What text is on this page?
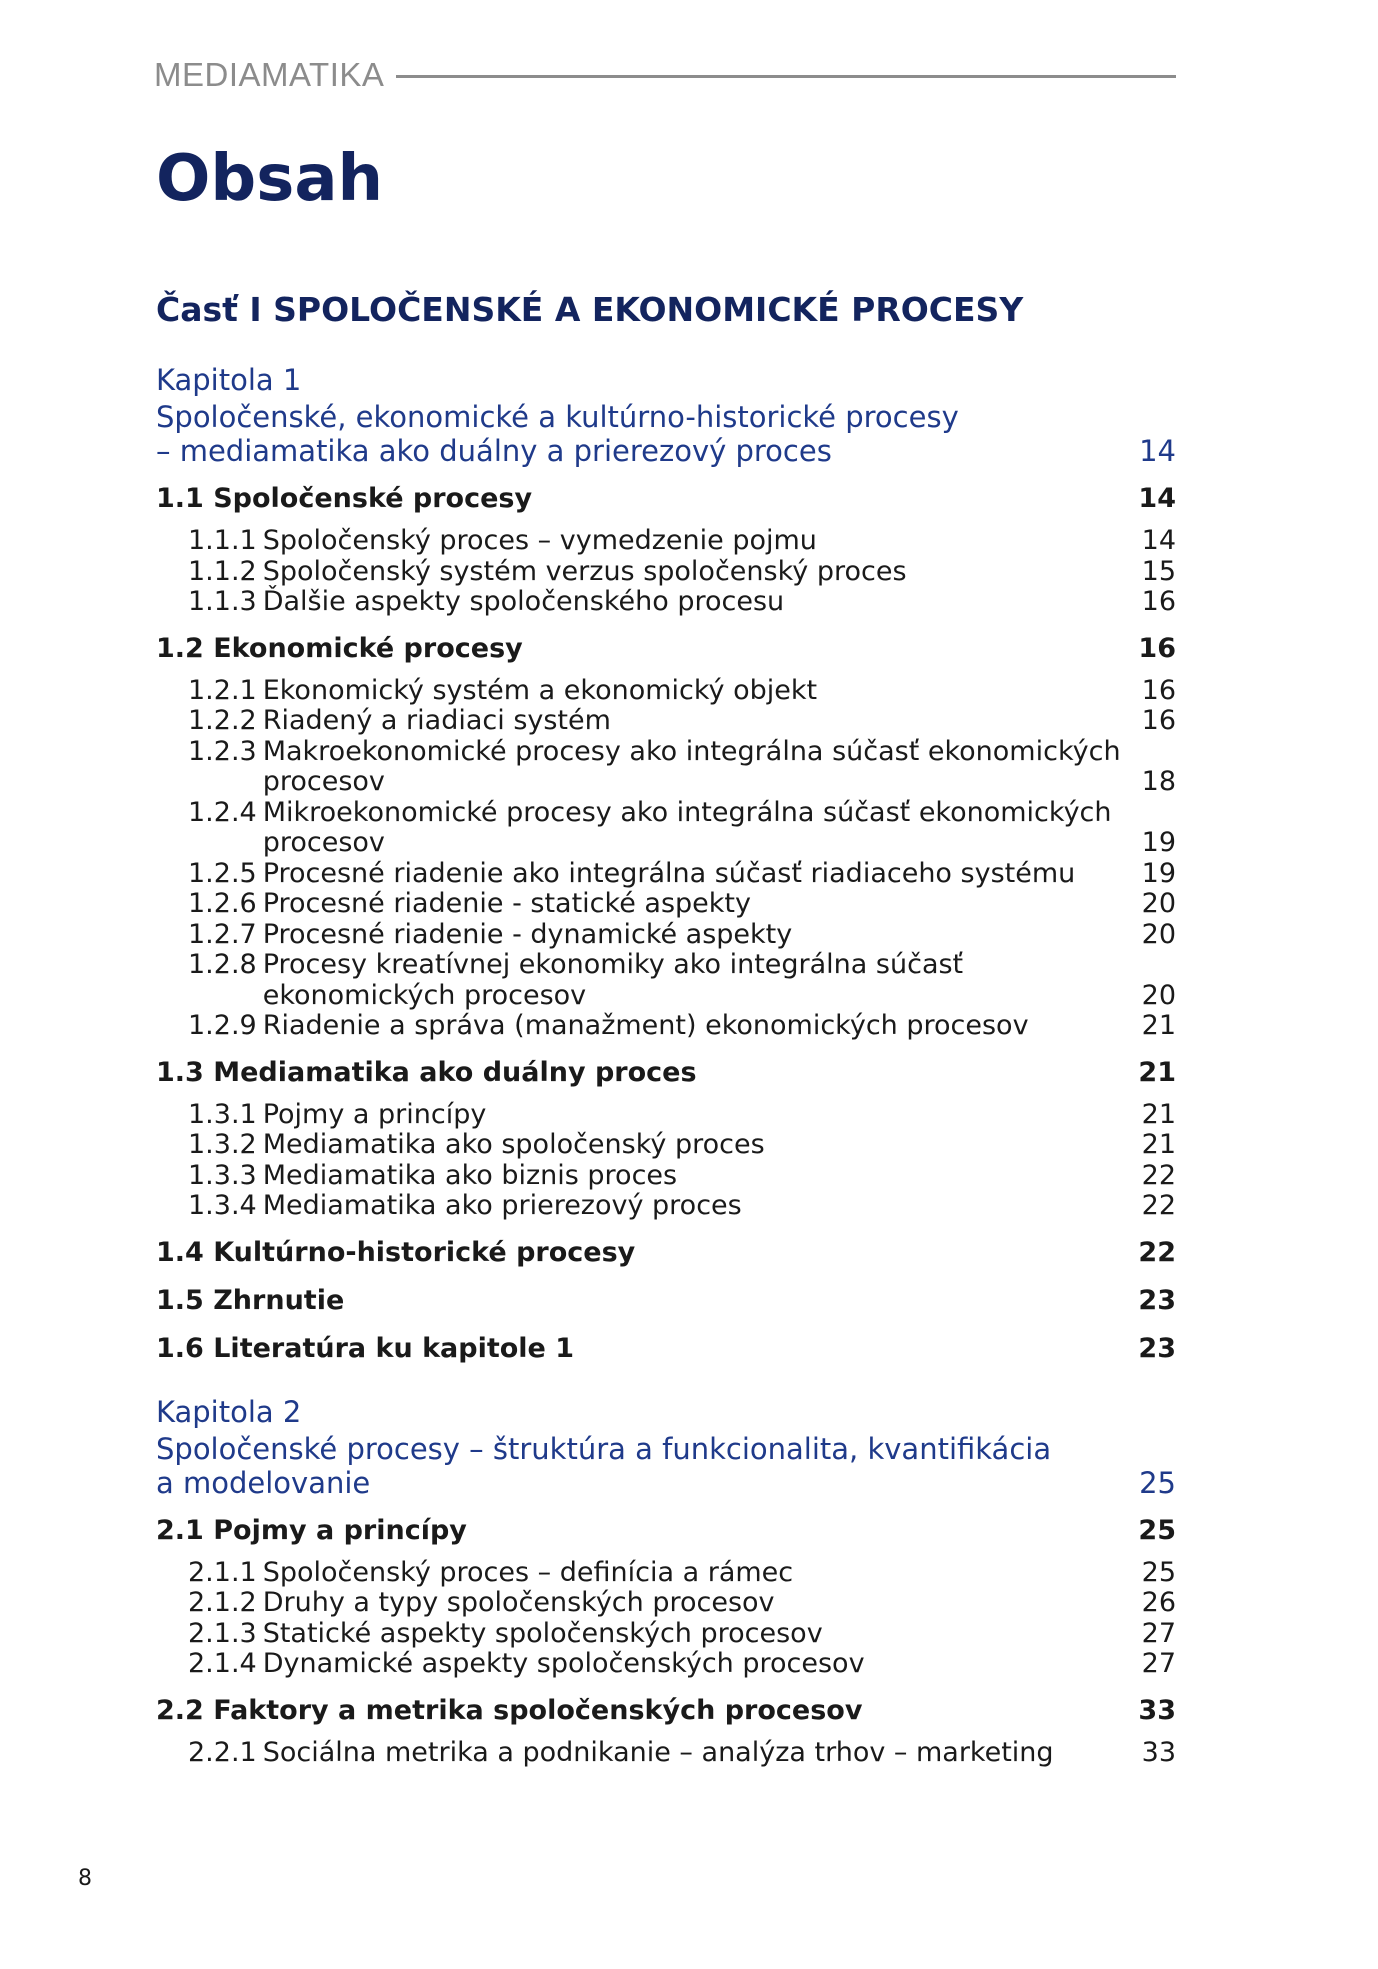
MEDIAMATIKA
Obsah
Časť I SPOLOČENSKÉ A EKONOMICKÉ PROCESY
Kapitola 1
Spoločenské, ekonomické a kultúrno-historické procesy
– mediamatika ako duálny a prierezový proces	14
1.1 Spoločenské procesy	14
1.1.1 Spoločenský proces – vymedzenie pojmu	14
1.1.2 Spoločenský systém verzus spoločenský proces	15
1.1.3 Ďalšie aspekty spoločenského procesu	16
1.2 Ekonomické procesy	16
1.2.1 Ekonomický systém a ekonomický objekt	16
1.2.2 Riadený a riadiaci systém	16
1.2.3 Makroekonomické procesy ako integrálna súčasť ekonomických procesov	18
1.2.4 Mikroekonomické procesy ako integrálna súčasť ekonomických procesov	19
1.2.5 Procesné riadenie ako integrálna súčasť riadiaceho systému 19
1.2.6 Procesné riadenie - statické aspekty	20
1.2.7 Procesné riadenie - dynamické aspekty	20
1.2.8 Procesy kreatívnej ekonomiky ako integrálna súčasť ekonomických procesov	20
1.2.9 Riadenie a správa (manažment) ekonomických procesov	21
1.3 Mediamatika ako duálny proces	21
1.3.1 Pojmy a princípy	21
1.3.2 Mediamatika ako spoločenský proces	21
1.3.3 Mediamatika ako biznis proces	22
1.3.4 Mediamatika ako prierezový proces	22
1.4 Kultúrno-historické procesy	22
1.5 Zhrnutie	23
1.6 Literatúra ku kapitole 1	23
Kapitola 2
Spoločenské procesy – štruktúra a funkcionalita, kvantifikácia
a modelovanie	25
2.1 Pojmy a princípy	25
2.1.1 Spoločenský proces – definícia a rámec	25
2.1.2 Druhy a typy spoločenských procesov	26
2.1.3 Statické aspekty spoločenských procesov	27
2.1.4 Dynamické aspekty spoločenských procesov	27
2.2 Faktory a metrika spoločenských procesov	33
2.2.1 Sociálna metrika a podnikanie – analýza trhov – marketing	33
8
